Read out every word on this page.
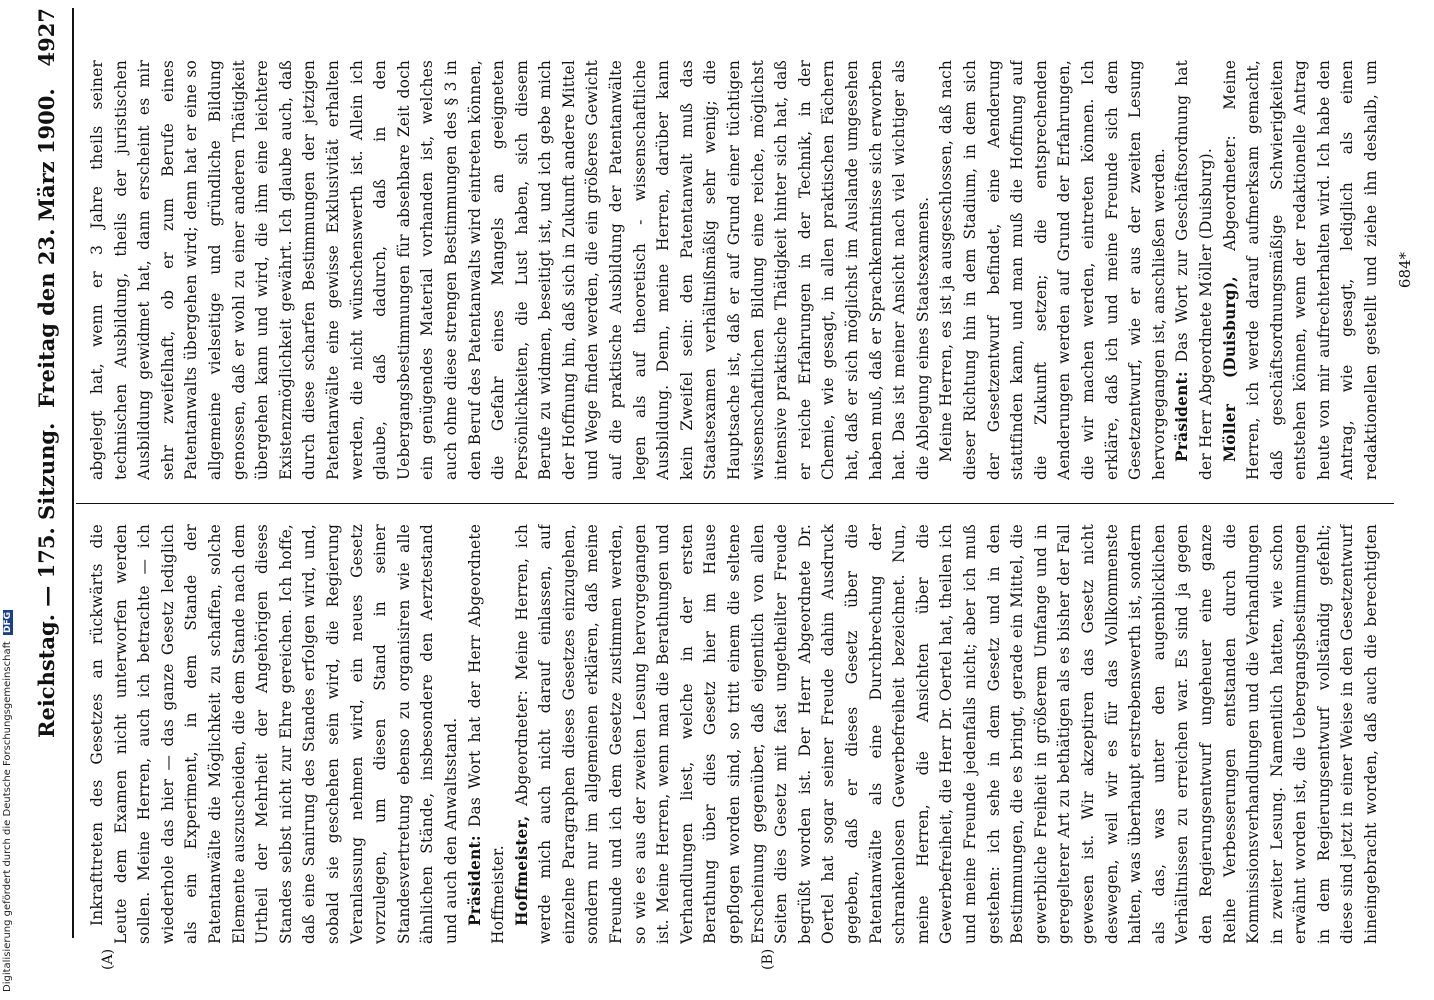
Reichstag. — 175. Sitzung.
Freitag den 23. März 1900.
4927
(A)	(B)

Inkrafttreten des Gesetzes an rückwärts die Leute dem Examen nicht unterworfen werden sollen. Meine Herren, auch ich betrachte — ich wiederhole das hier — das ganze Gesetz lediglich als ein Experiment, in dem Stande der Patentanwälte die Möglichkeit zu schaffen, solche Elemente auszuscheiden, die dem Stande nach dem Urtheil der Mehrheit der Angehörigen dieses Standes selbst nicht zur Ehre gereichen. Ich hoffe, daß eine Sanirung des Standes erfolgen wird, und, sobald sie geschehen sein wird, die Regierung Veranlassung nehmen wird, ein neues Gesetz vorzulegen, um diesen Stand in seiner Standesvertretung ebenso zu organisiren wie alle ähnlichen Stände, insbesondere den Aerztestand und auch den Anwaltsstand. Präsident: Das Wort hat der Herr Abgeordnete Hoffmeister. Hoffmeister, Abgeordneter: Meine Herren, ich werde mich auch nicht darauf einlassen, auf einzelne Paragraphen dieses Gesetzes einzugehen, sondern nur im allgemeinen erklären, daß meine Freunde und ich dem Gesetze zustimmen werden, so wie es aus der zweiten Lesung hervorgegangen ist. Meine Herren, wenn man die Berathungen und Verhandlungen liest, welche in der ersten Berathung über dies Gesetz hier im Hause gepflogen worden sind, so tritt einem die seltene Erscheinung gegenüber, daß eigentlich von allen Seiten dies Gesetz mit fast ungetheilter Freude begrüßt worden ist. Der Herr Abgeordnete Dr. Oertel hat sogar seiner Freude dahin Ausdruck gegeben, daß er dieses Gesetz über die Patentanwälte als eine Durchbrechung der schrankenlosen Gewerbefreiheit bezeichnet. Nun, meine Herren, die Ansichten über die Gewerbefreiheit, die Herr Dr. Oertel hat, theilen ich und meine Freunde jedenfalls nicht; aber ich muß gestehen: ich sehe in dem Gesetz und in den Bestimmungen, die es bringt, gerade ein Mittel, die gewerbliche Freiheit in größerem Umfange und in geregelterer Art zu bethätigen als es bisher der Fall gewesen ist. Wir akzeptiren das Gesetz nicht deswegen, weil wir es für das Vollkommenste halten, was überhaupt erstrebenswerth ist, sondern als das, was unter den augenblicklichen Verhältnissen zu erreichen war. Es sind ja gegen den Regierungsentwurf ungeheuer eine ganze Reihe Verbesserungen entstanden durch die Kommissionsverhandlungen und die Verhandlungen in zweiter Lesung. Namentlich hatten, wie schon erwähnt worden ist, die Uebergangsbestimmungen in dem Regierungsentwurf vollständig gefehlt; diese sind jetzt in einer Weise in den Gesetzentwurf hineingebracht worden, daß auch die berechtigten

abgelegt hat, wenn er 3 Jahre theils seiner technischen Ausbildung, theils der juristischen Ausbildung gewidmet hat, dann erscheint es mir sehr zweifelhaft, ob er zum Berufe eines Patentanwalts übergehen wird; denn hat er eine so allgemeine vielseitige und gründliche Bildung genossen, daß er wohl zu einer anderen Thätigkeit übergehen kann und wird, die ihm eine leichtere Existenzmöglichkeit gewährt. Ich glaube auch, daß durch diese scharfen Bestimmungen der jetzigen Patentanwälte eine gewisse Exklusivität erhalten werden, die nicht wünschenswerth ist. Allein ich glaube, daß dadurch, daß in den Uebergangsbestimmungen für absehbare Zeit doch ein genügendes Material vorhanden ist, welches auch ohne diese strengen Bestimmungen des § 3 in den Beruf des Patentanwalts wird eintreten können, die Gefahr eines Mangels an geeigneten Persönlichkeiten, die Lust haben, sich diesem Berufe zu widmen, beseitigt ist, und ich gebe mich der Hoffnung hin, daß sich in Zukunft andere Mittel und Wege finden werden, die ein größeres Gewicht auf die praktische Ausbildung der Patentanwälte legen als auf theoretisch - wissenschaftliche Ausbildung. Denn, meine Herren, darüber kann kein Zweifel sein: den Patentanwalt muß das Staatsexamen verhältnißmäßig sehr wenig; die Hauptsache ist, daß er auf Grund einer tüchtigen wissenschaftlichen Bildung eine reiche, möglichst intensive praktische Thätigkeit hinter sich hat, daß er reiche Erfahrungen in der Technik, in der Chemie, wie gesagt, in allen praktischen Fächern hat, daß er sich möglichst im Auslande umgesehen haben muß, daß er Sprachkenntnisse sich erworben hat. Das ist meiner Ansicht nach viel wichtiger als die Ablegung eines Staatsexamens. Meine Herren, es ist ja ausgeschlossen, daß nach dieser Richtung hin in dem Stadium, in dem sich der Gesetzentwurf befindet, eine Aenderung stattfinden kann, und man muß die Hoffnung auf die Zukunft setzen; die entsprechenden Aenderungen werden auf Grund der Erfahrungen, die wir machen werden, eintreten können. Ich erkläre, daß ich und meine Freunde sich dem Gesetzentwurf, wie er aus der zweiten Lesung hervorgegangen ist, anschließen werden. Präsident: Das Wort zur Geschäftsordnung hat der Herr Abgeordnete Möller (Duisburg). Möller (Duisburg), Abgeordneter: Meine Herren, ich werde darauf aufmerksam gemacht, daß geschäftsordnungsmäßige Schwierigkeiten entstehen können, wenn der redaktionelle Antrag heute von mir aufrechterhalten wird. Ich habe den Antrag, wie gesagt, lediglich als einen redaktionellen gestellt und ziehe ihn deshalb, um

684*
Digitalisierung gefördert durch die Deutsche Forschungsgemeinschaft DFG
